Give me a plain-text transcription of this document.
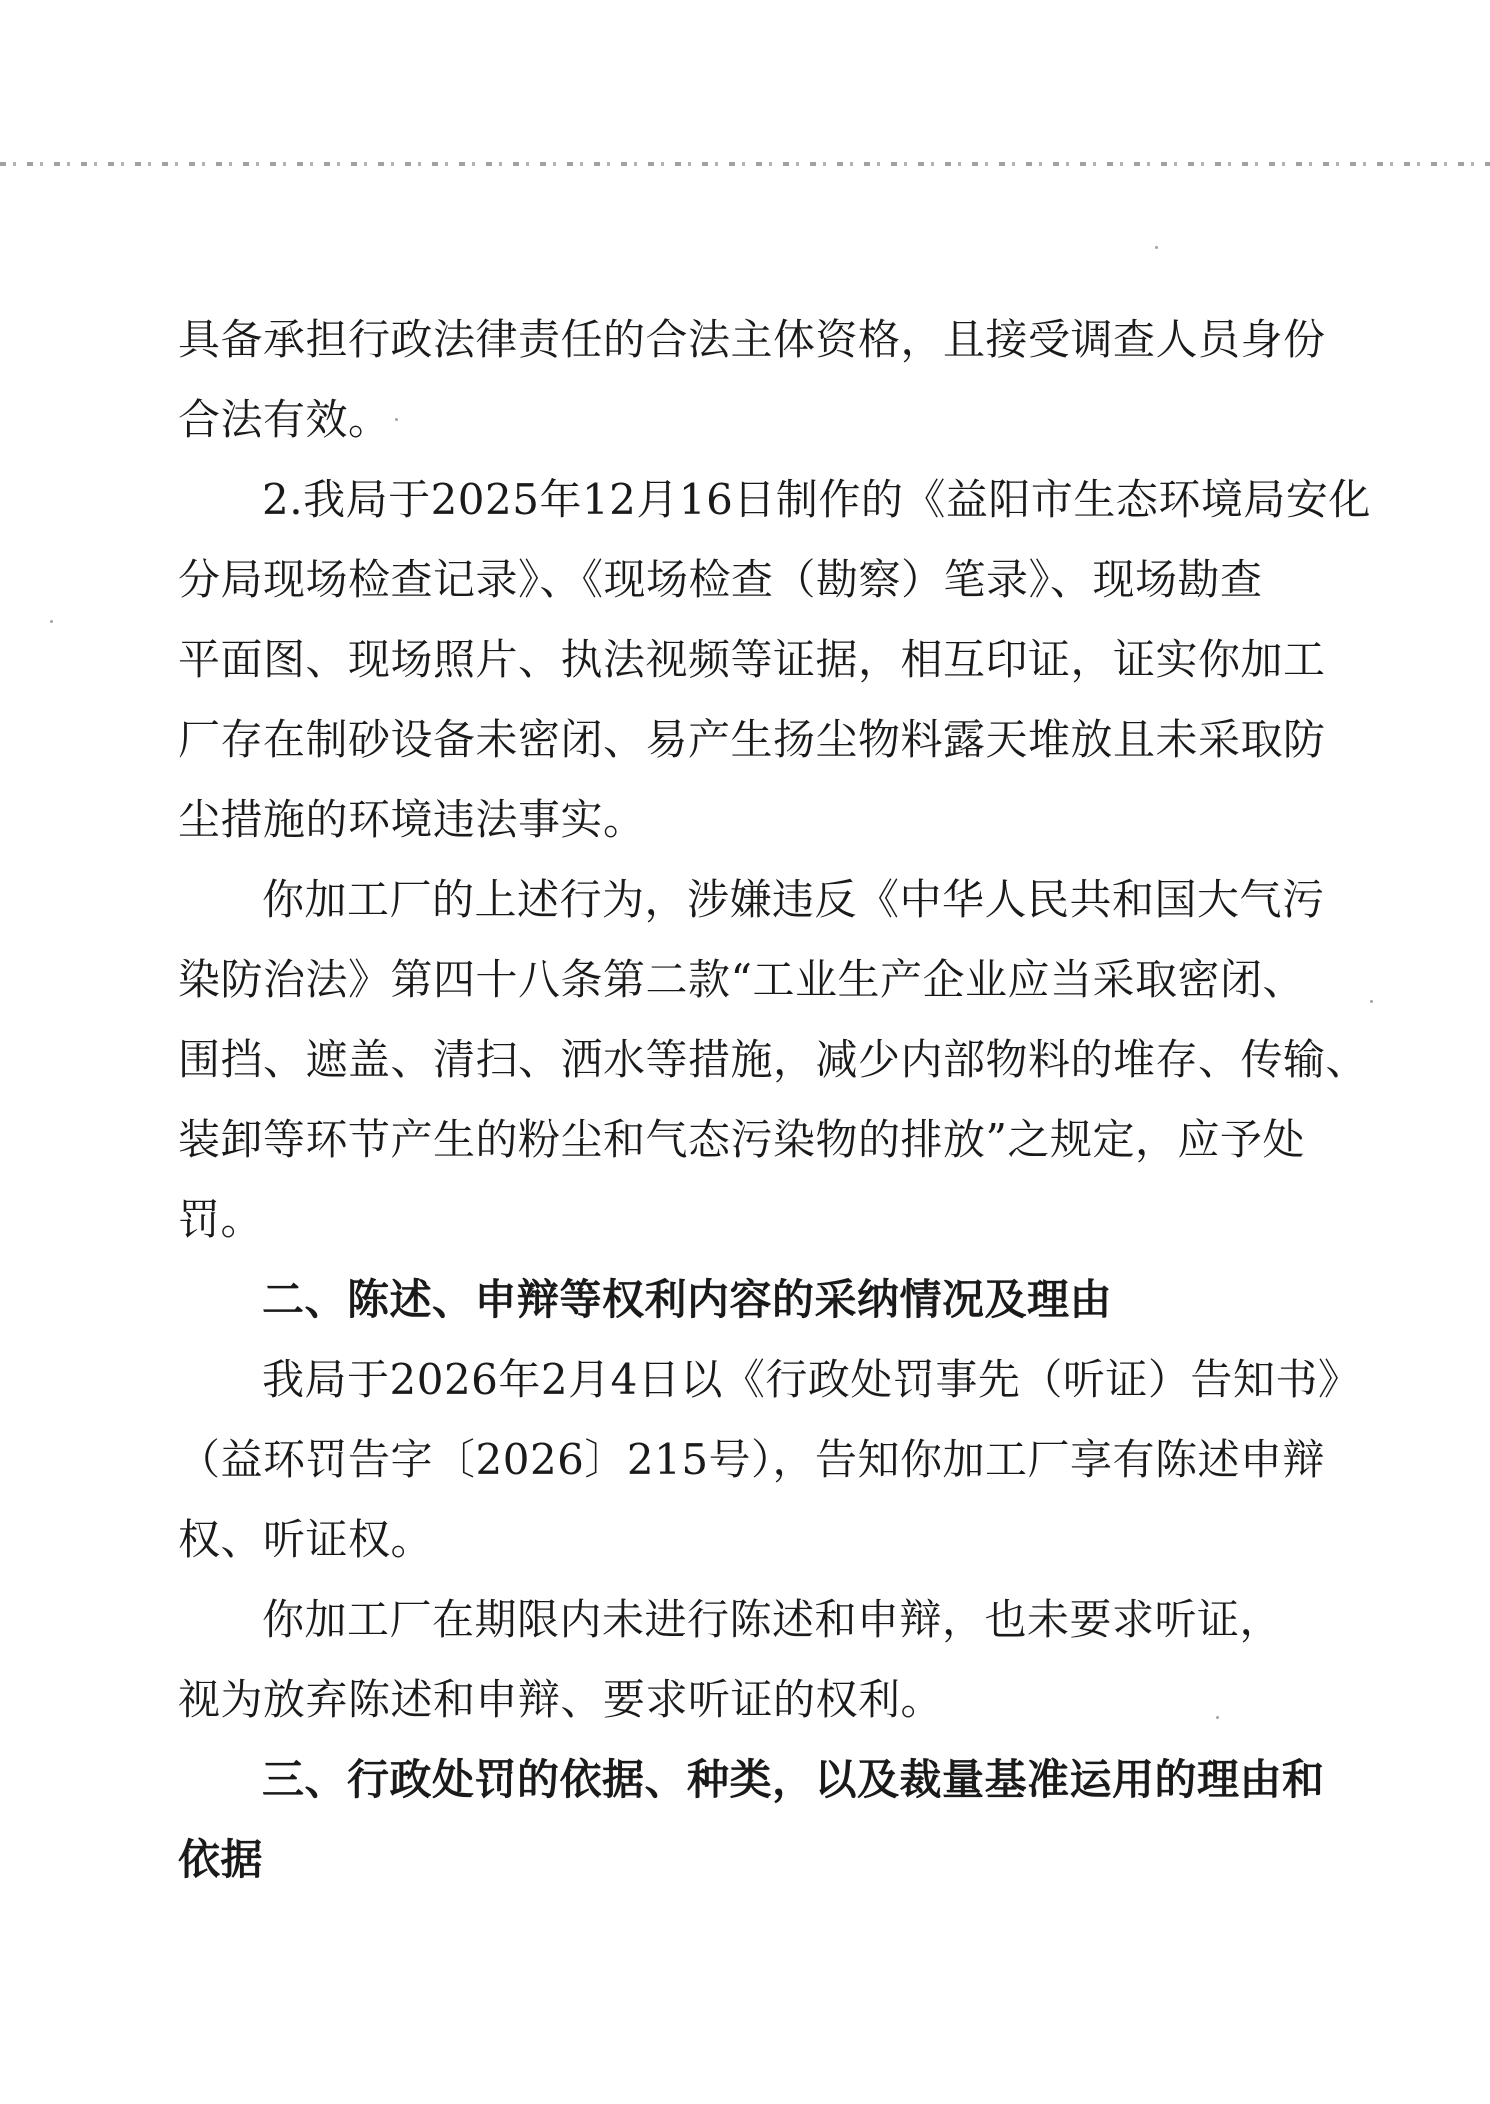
具备承担行政法律责任的合法主体资格，且接受调查人员身份
合法有效。
2.我局于2025年12月16日制作的《益阳市生态环境局安化
分局现场检查记录》、《现场检查（勘察）笔录》、现场勘查
平面图、现场照片、执法视频等证据，相互印证，证实你加工
厂存在制砂设备未密闭、易产生扬尘物料露天堆放且未采取防
尘措施的环境违法事实。
你加工厂的上述行为，涉嫌违反《中华人民共和国大气污
染防治法》第四十八条第二款“工业生产企业应当采取密闭、
围挡、遮盖、清扫、洒水等措施，减少内部物料的堆存、传输、
装卸等环节产生的粉尘和气态污染物的排放”之规定，应予处
罚。
二、陈述、申辩等权利内容的采纳情况及理由
我局于2026年2月4日以《行政处罚事先（听证）告知书》
（益环罚告字〔2026〕215号），告知你加工厂享有陈述申辩
权、听证权。
你加工厂在期限内未进行陈述和申辩，也未要求听证，
视为放弃陈述和申辩、要求听证的权利。
三、行政处罚的依据、种类，以及裁量基准运用的理由和
依据
